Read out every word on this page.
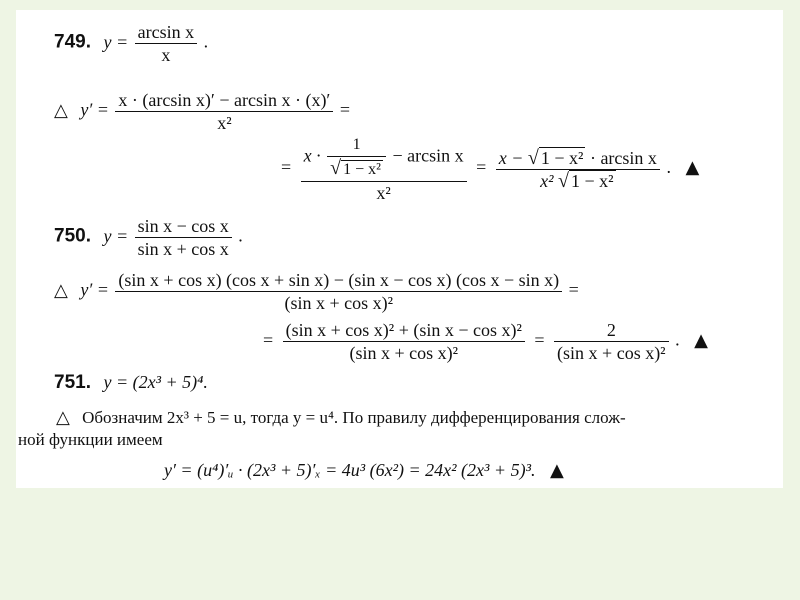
749. $y = \frac{\text{arcsin x}}{x}$ .
△ $y' = \frac{\text{x · (arcsin x)′ − arcsin x · (x)′}}{\text{x²}}$ =
=
$x \cdot \frac{1}{\text{√ 1 − x²}} - \arcsin x$
x²
= $\frac{\text{x − √ 1 − x² · arcsin x}}{\text{x² √ 1 − x²}}$ . ▲
750. $y = \frac{\text{sin x − cos x}}{\text{sin x + cos x}}$ .
△ y′ = (sin x + cos x) (cos x + sin x) − (sin x − cos x) (cos x − sin x)
(sin x + cos x)²
=
= $\frac{\text{(sin x + cos x)² + (sin x − cos x)²}}{\text{(sin x + cos x)²}} = \frac{2}{\text{(sin x + cos x)²}}$ . ▲
751. y = (2x³ + 5)⁴.
△ Обозначим 2x³ + 5 = u, тогда y = u⁴. По правилу дифференцирования слож-
ной функции имеем
y′ = (u⁴)′ᵤ · (2x³ + 5)′ₓ = 4u³ (6x²) = 24x² (2x³ + 5)³. ▲
